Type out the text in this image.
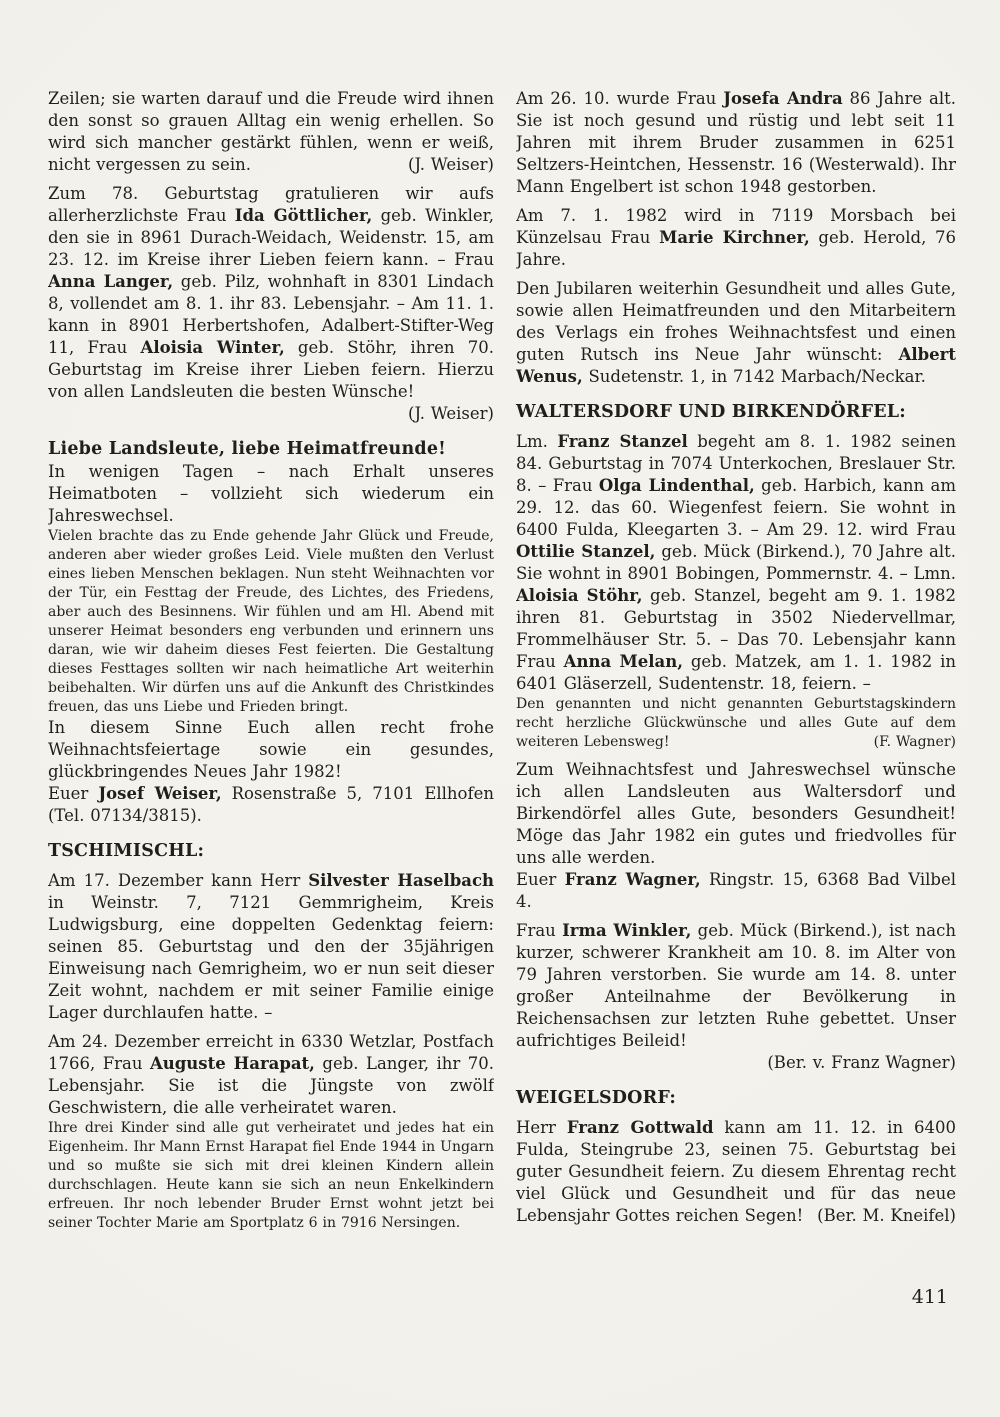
Zeilen; sie warten darauf und die Freude wird ihnen den sonst so grauen Alltag ein wenig erhellen. So wird sich mancher gestärkt fühlen, wenn er weiß, nicht vergessen zu sein.	(J. Weiser)

Zum 78. Geburtstag gratulieren wir aufs allerherzlichste Frau Ida Göttlicher, geb. Winkler, den sie in 8961 Durach-Weidach, Weidenstr. 15, am 23. 12. im Kreise ihrer Lieben feiern kann. – Frau Anna Langer, geb. Pilz, wohnhaft in 8301 Lindach 8, vollendet am 8. 1. ihr 83. Lebensjahr. – Am 11. 1. kann in 8901 Herbertshofen, Adalbert-Stifter-Weg 11, Frau Aloisia Winter, geb. Stöhr, ihren 70. Geburtstag im Kreise ihrer Lieben feiern. Hierzu von allen Landsleuten die besten Wünsche!
(J. Weiser)

Liebe Landsleute, liebe Heimatfreunde!

In wenigen Tagen – nach Erhalt unseres Heimatboten – vollzieht sich wiederum ein Jahreswechsel.

Vielen brachte das zu Ende gehende Jahr Glück und Freude, anderen aber wieder großes Leid. Viele mußten den Verlust eines lieben Menschen beklagen. Nun steht Weihnachten vor der Tür, ein Festtag der Freude, des Lichtes, des Friedens, aber auch des Besinnens. Wir fühlen und am Hl. Abend mit unserer Heimat besonders eng verbunden und erinnern uns daran, wie wir daheim dieses Fest feierten. Die Gestaltung dieses Festtages sollten wir nach heimatliche Art weiterhin beibehalten. Wir dürfen uns auf die Ankunft des Christkindes freuen, das uns Liebe und Frieden bringt.

In diesem Sinne Euch allen recht frohe Weihnachtsfeiertage sowie ein gesundes, glückbringendes Neues Jahr 1982!
Euer Josef Weiser, Rosenstraße 5, 7101 Ellhofen (Tel. 07134/3815).

TSCHIMISCHL:

Am 17. Dezember kann Herr Silvester Haselbach in Weinstr. 7, 7121 Gemmrigheim, Kreis Ludwigsburg, eine doppelten Gedenktag feiern: seinen 85. Geburtstag und den der 35jährigen Einweisung nach Gemrigheim, wo er nun seit dieser Zeit wohnt, nachdem er mit seiner Familie einige Lager durchlaufen hatte. –

Am 24. Dezember erreicht in 6330 Wetzlar, Postfach 1766, Frau Auguste Harapat, geb. Langer, ihr 70. Lebensjahr. Sie ist die Jüngste von zwölf Geschwistern, die alle verheiratet waren.

Ihre drei Kinder sind alle gut verheiratet und jedes hat ein Eigenheim. Ihr Mann Ernst Harapat fiel Ende 1944 in Ungarn und so mußte sie sich mit drei kleinen Kindern allein durchschlagen. Heute kann sie sich an neun Enkelkindern erfreuen. Ihr noch lebender Bruder Ernst wohnt jetzt bei seiner Tochter Marie am Sportplatz 6 in 7916 Nersingen.

Am 26. 10. wurde Frau Josefa Andra 86 Jahre alt. Sie ist noch gesund und rüstig und lebt seit 11 Jahren mit ihrem Bruder zusammen in 6251 Seltzers-Heintchen, Hessenstr. 16 (Westerwald). Ihr Mann Engelbert ist schon 1948 gestorben.

Am 7. 1. 1982 wird in 7119 Morsbach bei Künzelsau Frau Marie Kirchner, geb. Herold, 76 Jahre.

Den Jubilaren weiterhin Gesundheit und alles Gute, sowie allen Heimatfreunden und den Mitarbeitern des Verlags ein frohes Weihnachtsfest und einen guten Rutsch ins Neue Jahr wünscht: Albert Wenus, Sudetenstr. 1, in 7142 Marbach/Neckar.

WALTERSDORF UND BIRKENDÖRFEL:

Lm. Franz Stanzel begeht am 8. 1. 1982 seinen 84. Geburtstag in 7074 Unterkochen, Breslauer Str. 8. – Frau Olga Lindenthal, geb. Harbich, kann am 29. 12. das 60. Wiegenfest feiern. Sie wohnt in 6400 Fulda, Kleegarten 3. – Am 29. 12. wird Frau Ottilie Stanzel, geb. Mück (Birkend.), 70 Jahre alt. Sie wohnt in 8901 Bobingen, Pommernstr. 4. – Lmn. Aloisia Stöhr, geb. Stanzel, begeht am 9. 1. 1982 ihren 81. Geburtstag in 3502 Niedervellmar, Frommelhäuser Str. 5. – Das 70. Lebensjahr kann Frau Anna Melan, geb. Matzek, am 1. 1. 1982 in 6401 Gläserzell, Sudentenstr. 18, feiern. –

Den genannten und nicht genannten Geburtstagskindern recht herzliche Glückwünsche und alles Gute auf dem weiteren Lebensweg!	(F. Wagner)

Zum Weihnachtsfest und Jahreswechsel wünsche ich allen Landsleuten aus Waltersdorf und Birkendörfel alles Gute, besonders Gesundheit! Möge das Jahr 1982 ein gutes und friedvolles für uns alle werden.
Euer Franz Wagner, Ringstr. 15, 6368 Bad Vilbel 4.

Frau Irma Winkler, geb. Mück (Birkend.), ist nach kurzer, schwerer Krankheit am 10. 8. im Alter von 79 Jahren verstorben. Sie wurde am 14. 8. unter großer Anteilnahme der Bevölkerung in Reichensachsen zur letzten Ruhe gebettet. Unser aufrichtiges Beileid!

(Ber. v. Franz Wagner)

WEIGELSDORF:

Herr Franz Gottwald kann am 11. 12. in 6400 Fulda, Steingrube 23, seinen 75. Geburtstag bei guter Gesundheit feiern. Zu diesem Ehrentag recht viel Glück und Gesundheit und für das neue Lebensjahr Gottes reichen Segen! (Ber. M. Kneifel)

411
